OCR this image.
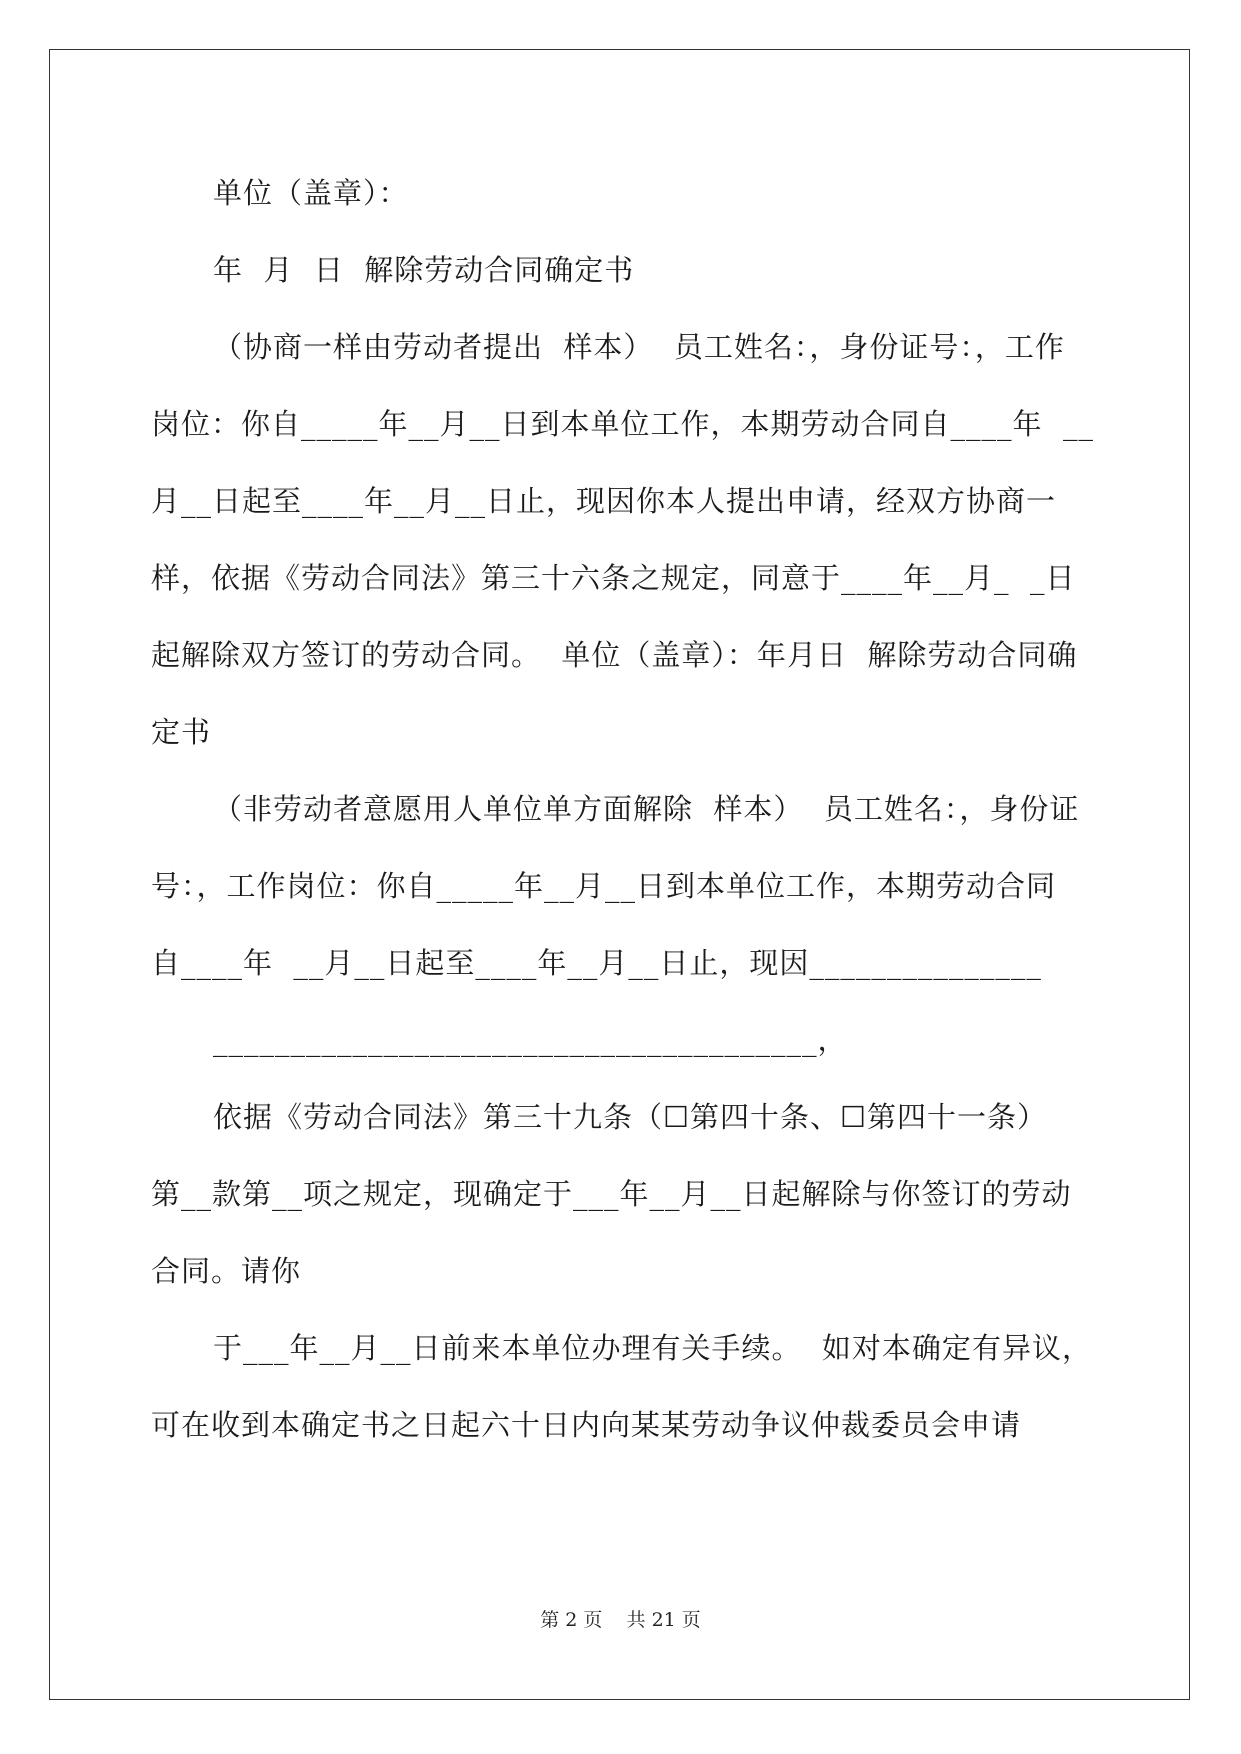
单位（盖章）：
年  月  日  解除劳动合同确定书
（协商一样由劳动者提出  样本）  员工姓名：，身份证号：，工作
岗位：你自_____年__月__日到本单位工作，本期劳动合同自____年  __
月__日起至____年__月__日止，现因你本人提出申请，经双方协商一
样，依据《劳动合同法》第三十六条之规定，同意于____年__月_  _日
起解除双方签订的劳动合同。  单位（盖章）：年月日  解除劳动合同确
定书
（非劳动者意愿用人单位单方面解除  样本）  员工姓名：，身份证
号：，工作岗位：你自_____年__月__日到本单位工作，本期劳动合同
自____年  __月__日起至____年__月__日止，现因_______________
_______________________________________，
依据《劳动合同法》第三十九条（☐第四十条、☐第四十一条）
第__款第__项之规定，现确定于___年__月__日起解除与你签订的劳动
合同。请你
于___年__月__日前来本单位办理有关手续。  如对本确定有异议，
可在收到本确定书之日起六十日内向某某劳动争议仲裁委员会申请
第 2 页    共 21 页
